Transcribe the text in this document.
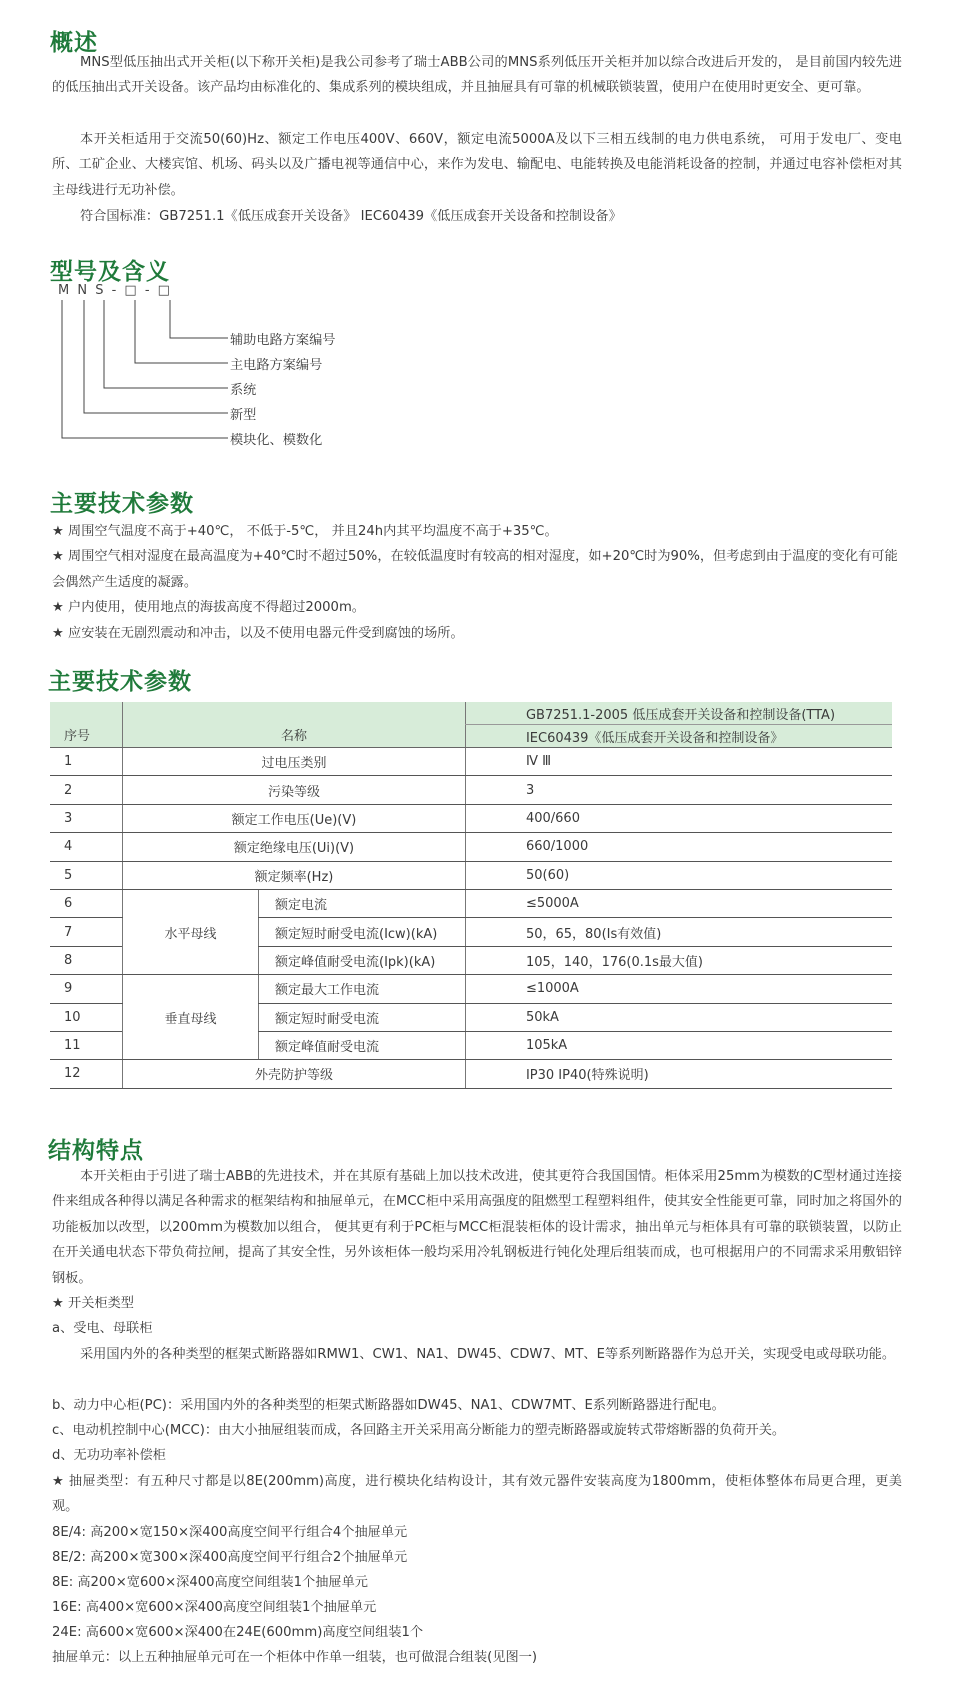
概述

MNS型低压抽出式开关柜(以下称开关柜)是我公司参考了瑞士ABB公司的MNS系列低压开关柜并加以综合改进后开发的， 是目前国内较先进的低压抽出式开关设备。该产品均由标准化的、集成系列的模块组成，并且抽屉具有可靠的机械联锁装置，使用户在使用时更安全、更可靠。

本开关柜适用于交流50(60)Hz、额定工作电压400V、660V，额定电流5000A及以下三相五线制的电力供电系统， 可用于发电厂、变电所、工矿企业、大楼宾馆、机场、码头以及广播电视等通信中心，来作为发电、输配电、电能转换及电能消耗设备的控制，并通过电容补偿柜对其主母线进行无功补偿。

符合国标准：GB7251.1《低压成套开关设备》 IEC60439《低压成套开关设备和控制设备》

型号及含义
M N S - □ - □
辅助电路方案编号
主电路方案编号
系统
新型
模块化、模数化
主要技术参数
★ 周围空气温度不高于+40℃， 不低于-5℃， 并且24h内其平均温度不高于+35℃。
★ 周围空气相对湿度在最高温度为+40℃时不超过50%，在较低温度时有较高的相对湿度，如+20℃时为90%，但考虑到由于温度的变化有可能会偶然产生适度的凝露。
★ 户内使用，使用地点的海拔高度不得超过2000m。
★ 应安装在无剧烈震动和冲击，以及不使用电器元件受到腐蚀的场所。
主要技术参数
序号	名称		GB7251.1-2005 低压成套开关设备和控制设备(TTA)
			IEC60439《低压成套开关设备和控制设备》
1	过电压类别		Ⅳ Ⅲ
2	污染等级		3
3	额定工作电压(Ue)(V)		400/660
4	额定绝缘电压(Ui)(V)		660/1000
5	额定频率(Hz)		50(60)
6	水平母线	额定电流	≤5000A
7		额定短时耐受电流(Icw)(kA)	50，65，80(Is有效值)
8		额定峰值耐受电流(Ipk)(kA)	105，140，176(0.1s最大值)
9	垂直母线	额定最大工作电流	≤1000A
10		额定短时耐受电流	50kA
11		额定峰值耐受电流	105kA
12	外壳防护等级		IP30 IP40(特殊说明)
结构特点

本开关柜由于引进了瑞士ABB的先进技术，并在其原有基础上加以技术改进，使其更符合我国国情。柜体采用25mm为模数的C型材通过连接件来组成各种得以满足各种需求的框架结构和抽屉单元，在MCC柜中采用高强度的阻燃型工程塑料组件，使其安全性能更可靠，同时加之将国外的功能板加以改型，以200mm为模数加以组合， 便其更有利于PC柜与MCC柜混装柜体的设计需求，抽出单元与柜体具有可靠的联锁装置，以防止在开关通电状态下带负荷拉闸，提高了其安全性，另外该柜体一般均采用冷轧钢板进行钝化处理后组装而成，也可根据用户的不同需求采用敷铝锌钢板。

★ 开关柜类型

a、受电、母联柜

采用国内外的各种类型的框架式断路器如RMW1、CW1、NA1、DW45、CDW7、MT、E等系列断路器作为总开关，实现受电或母联功能。

b、动力中心柜(PC)：采用国内外的各种类型的柜架式断路器如DW45、NA1、CDW7MT、E系列断路器进行配电。

c、电动机控制中心(MCC)：由大小抽屉组装而成，各回路主开关采用高分断能力的塑壳断路器或旋转式带熔断器的负荷开关。

d、无功功率补偿柜

★ 抽屉类型：有五种尺寸都是以8E(200mm)高度，进行模块化结构设计，其有效元器件安装高度为1800mm，使柜体整体布局更合理，更美观。

8E/4: 高200×宽150×深400高度空间平行组合4个抽屉单元

8E/2: 高200×宽300×深400高度空间平行组合2个抽屉单元

8E: 高200×宽600×深400高度空间组装1个抽屉单元

16E: 高400×宽600×深400高度空间组装1个抽屉单元

24E: 高600×宽600×深400在24E(600mm)高度空间组装1个

抽屉单元：以上五种抽屉单元可在一个柜体中作单一组装，也可做混合组装(见图一)
